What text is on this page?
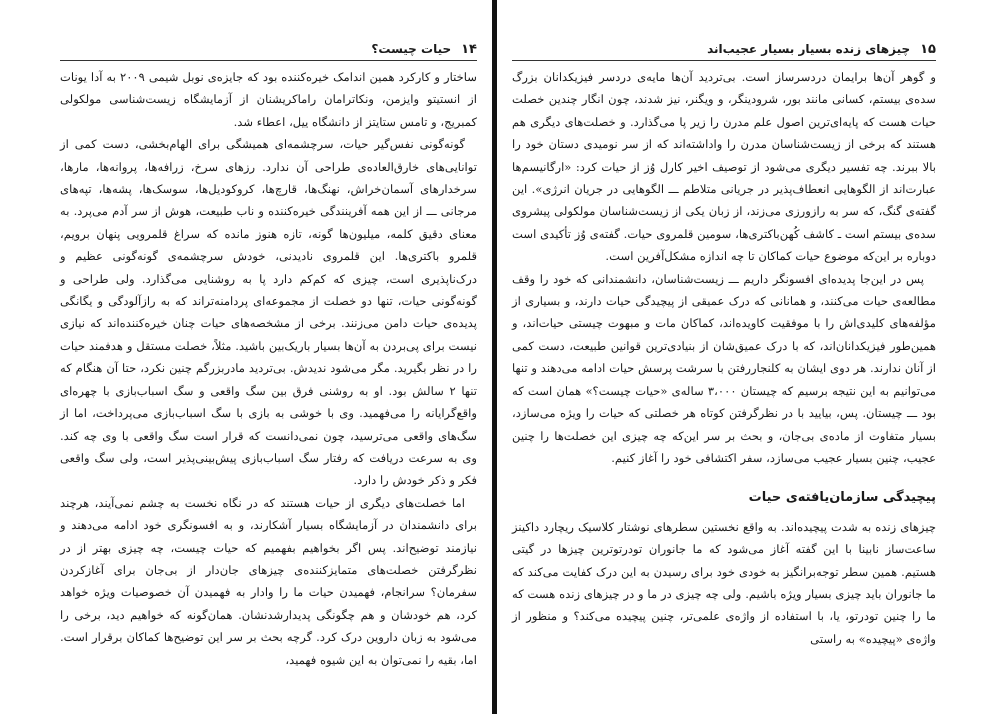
۱۴
حیات چیست؟

ساختار و کارکرد همین اندامک خیره‌کننده بود که جایزه‌ی نوبل شیمی ۲۰۰۹ به آدا یونات از انستیتو وایزمن، ونکاترامان راماکریشنان از آزمایشگاه زیست‌شناسی مولکولی کمبریج، و تامس ستایتز از دانشگاه ییل، اعطاء شد.

گونه‌گونی نفس‌گیر حیات، سرچشمه‌ای همیشگی برای الهام‌بخشی، دست کمی از توانایی‌های خارق‌العاده‌ی طراحی آن ندارد. رزهای سرخ، زرافه‌ها، پروانه‌ها، مارها، سرخدارهای آسمان‌خراش، نهنگ‌ها، قارچ‌ها، کروکودیل‌ها، سوسک‌ها، پشه‌ها، تپه‌های مرجانی ـــ از این همه آفرینندگی خیره‌کننده و ناب طبیعت، هوش از سر آدم می‌پرد. به معنای دقیق کلمه، میلیون‌ها گونه، تازه هنوز مانده که سراغ قلمرویی پنهان برویم، قلمرو باکتری‌ها. این قلمروی نادیدنی، خودش سرچشمه‌ی گونه‌گونی عظیم و درک‌ناپذیری است، چیزی که کم‌کم دارد پا به روشنایی می‌گذارد. ولی طراحی و گونه‌گونی حیات، تنها دو خصلت از مجموعه‌ای پردامنه‌تر‌اند که به رازآلودگی و یگانگی پدیده‌ی حیات دامن می‌زنند. برخی از مشخصه‌های حیات چنان خیره‌کننده‌اند که نیازی نیست برای پی‌بردن به آن‌ها بسیار باریک‌بین باشید. مثلاً، خصلت مستقل و هدفمند حیات را در نظر بگیرید. مگر می‌شود ندیدش. بی‌تردید مادربزرگم چنین نکرد، حتا آن هنگام که تنها ۲ سالش بود. او به روشنی فرق بین سگ واقعی و سگ اسباب‌بازی با چهره‌ای واقع‌گرایانه را می‌فهمید. وی با خوشی به بازی با سگ اسباب‌بازی می‌پرداخت، اما از سگ‌های واقعی می‌ترسید، چون نمی‌دانست که قرار است سگ واقعی با وی چه کند. وی به سرعت دریافت که رفتار سگ اسباب‌بازی پیش‌بینی‌پذیر است، ولی سگ واقعی فکر و ذکر خودش را دارد.

اما خصلت‌های دیگری از حیات هستند که در نگاه نخست به چشم نمی‌آیند، هرچند برای دانشمندان در آزمایشگاه بسیار آشکارند، و به افسونگری خود ادامه می‌دهند و نیازمند توضیح‌اند. پس اگر بخواهیم بفهمیم که حیات چیست، چه چیزی بهتر از در نظرگرفتن خصلت‌های متمایزکننده‌ی چیزهای جان‌دار از بی‌جان برای آغازکردن سفرمان؟ سرانجام، فهمیدن حیات ما را وادار به فهمیدن آن خصوصیات ویژه خواهد کرد، هم خودشان و هم چگونگی پدیدارشدنشان. همان‌گونه که خواهیم دید، برخی را می‌شود به زبان داروین درک کرد. گرچه بحث بر سر این توضیح‌ها کماکان برقرار است. اما، بقیه را نمی‌توان به این شیوه فهمید،

۱۵
چیزهای زنده بسیار بسیار عجیب‌اند

و گوهر آن‌ها برایمان دردسرساز است. بی‌تردید آن‌ها مایه‌ی دردسر فیزیکدانان بزرگ سده‌ی بیستم، کسانی مانند بور، شرودینگر، و ویگنر، نیز شدند، چون انگار چندین خصلت حیات هست که پایه‌ای‌ترین اصول علم مدرن را زیر پا می‌گذارد. و خصلت‌های دیگری هم هستند که برخی از زیست‌شناسان مدرن را واداشته‌اند که از سر نومیدی دستان خود را بالا ببرند. چه تفسیر دیگری می‌شود از توصیف اخیر کارل وُز از حیات کرد: «ارگانیسم‌ها عبارت‌اند از الگوهایی انعطاف‌پذیر در جریانی متلاطم ـــ الگوهایی در جریان انرژی». این گفته‌ی گنگ، که سر به رازورزی می‌زند، از زبان یکی از زیست‌شناسان مولکولی پیشروی سده‌ی بیستم است ـ کاشف کُهن‌باکتری‌ها، سومین قلمروی حیات. گفته‌ی وُز تأکیدی است دوباره بر این‌که موضوع حیات کماکان تا چه اندازه مشکل‌آفرین است.

پس در این‌جا پدیده‌ای افسونگر داریم ـــ زیست‌شناسان، دانشمندانی که خود را وقف مطالعه‌ی حیات می‌کنند، و همانانی که درک عمیقی از پیچیدگی حیات دارند، و بسیاری از مؤلفه‌های کلیدی‌اش را با موفقیت کاویده‌اند، کماکان مات و مبهوت چیستی حیات‌اند، و همین‌طور فیزیکدانان‌اند، که با درک عمیق‌شان از بنیادی‌ترین قوانین طبیعت، دست کمی از آنان ندارند. هر دوی ایشان به کلنجاررفتن با سرشت پرسش حیات ادامه می‌دهند و تنها می‌توانیم به این نتیجه برسیم که چیستان ۳،۰۰۰ ساله‌ی «حیات چیست؟» همان است که بود ـــ چیستان. پس، بیایید با در نظرگرفتن کوتاه هر خصلتی که حیات را ویژه می‌سازد، بسیار متفاوت از ماده‌ی بی‌جان، و بحث بر سر این‌که چه چیزی این خصلت‌ها را چنین عجیب، چنین بسیار عجیب می‌سازد، سفر اکتشافی خود را آغاز کنیم.

پیچیدگی سازمان‌یافته‌ی حیات

چیزهای زنده به شدت پیچیده‌اند. به واقع نخستین سطرهای نوشتار کلاسیک ریچارد داکینز ساعت‌ساز نابینا‌ با این گفته آغاز می‌شود که ما جانوران تودرتوترین چیزها در گیتی هستیم. همین سطر توجه‌برانگیز به خودی خود برای رسیدن به این درک کفایت می‌کند که ما جانوران باید چیزی بسیار ویژه باشیم. ولی چه چیزی در ما و در چیزهای زنده هست که ما را چنین تودرتو، یا، با استفاده از واژه‌ی علمی‌تر، چنین پیچیده می‌کند؟ و منظور از واژه‌ی «پیچیده» به راستی
